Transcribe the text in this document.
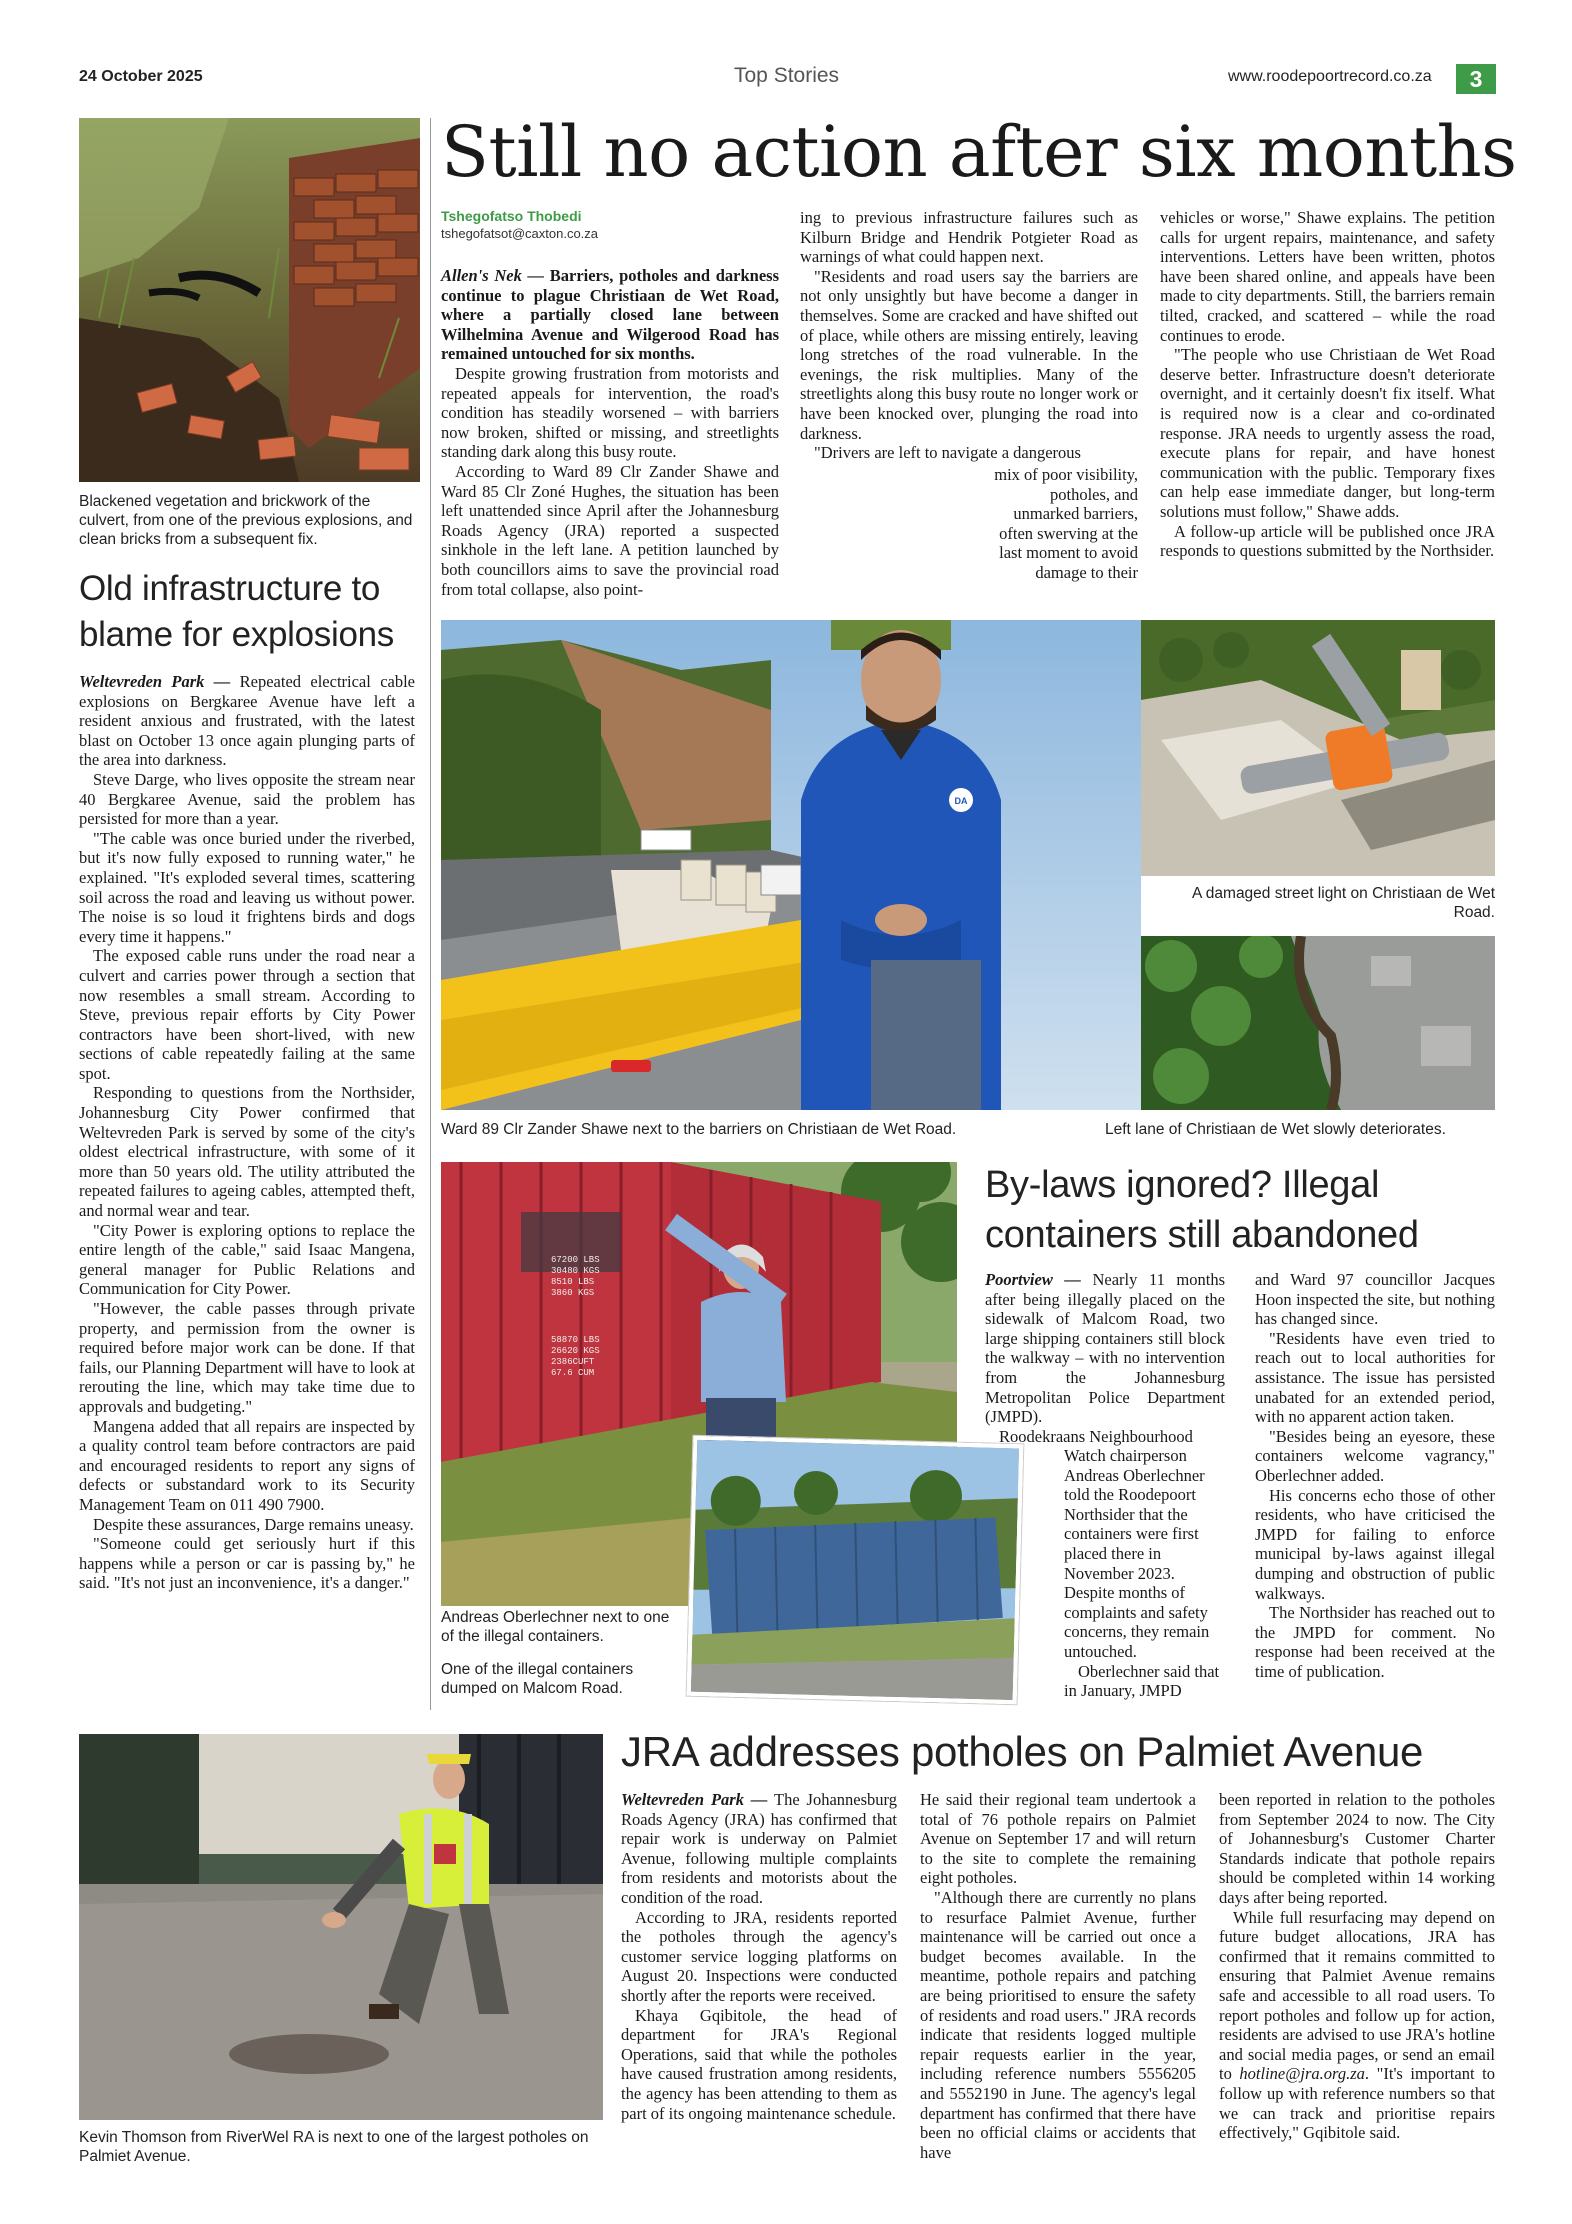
24 October 2025	Top Stories	www.roodepoortrecord.co.za	3
Blackened vegetation and brickwork of the culvert, from one of the previous explosions, and clean bricks from a subsequent fix.
Old infrastructure to blame for explosions

Weltevreden Park — Repeated electrical cable explosions on Bergkaree Avenue have left a resident anxious and frustrated, with the latest blast on October 13 once again plunging parts of the area into darkness.

Steve Darge, who lives opposite the stream near 40 Bergkaree Avenue, said the problem has persisted for more than a year.

"The cable was once buried under the riverbed, but it's now fully exposed to running water," he explained. "It's exploded several times, scattering soil across the road and leaving us without power. The noise is so loud it frightens birds and dogs every time it happens."

The exposed cable runs under the road near a culvert and carries power through a section that now resembles a small stream. According to Steve, previous repair efforts by City Power contractors have been short-lived, with new sections of cable repeatedly failing at the same spot.

Responding to questions from the Northsider, Johannesburg City Power confirmed that Weltevreden Park is served by some of the city's oldest electrical infrastructure, with some of it more than 50 years old. The utility attributed the repeated failures to ageing cables, attempted theft, and normal wear and tear.

"City Power is exploring options to replace the entire length of the cable," said Isaac Mangena, general manager for Public Relations and Communication for City Power.

"However, the cable passes through private property, and permission from the owner is required before major work can be done. If that fails, our Planning Department will have to look at rerouting the line, which may take time due to approvals and budgeting."

Mangena added that all repairs are inspected by a quality control team before contractors are paid and encouraged residents to report any signs of defects or substandard work to its Security Management Team on 011 490 7900.

Despite these assurances, Darge remains uneasy.

"Someone could get seriously hurt if this happens while a person or car is passing by," he said. "It's not just an inconvenience, it's a danger."

Still no action after six months
Tshegofatso Thobedi
tshegofatsot@caxton.co.za

Allen's Nek — Barriers, potholes and darkness continue to plague Christiaan de Wet Road, where a partially closed lane between Wilhelmina Avenue and Wilgerood Road has remained untouched for six months.

Despite growing frustration from motorists and repeated appeals for intervention, the road's condition has steadily worsened – with barriers now broken, shifted or missing, and streetlights standing dark along this busy route.

According to Ward 89 Clr Zander Shawe and Ward 85 Clr Zoné Hughes, the situation has been left unattended since April after the Johannesburg Roads Agency (JRA) reported a suspected sinkhole in the left lane. A petition launched by both councillors aims to save the provincial road from total collapse, also point-

ing to previous infrastructure failures such as Kilburn Bridge and Hendrik Potgieter Road as warnings of what could happen next.

"Residents and road users say the barriers are not only unsightly but have become a danger in themselves. Some are cracked and have shifted out of place, while others are missing entirely, leaving long stretches of the road vulnerable. In the evenings, the risk multiplies. Many of the streetlights along this busy route no longer work or have been knocked over, plunging the road into darkness.

"Drivers are left to navigate a dangerous

mix of poor visibility, potholes, and unmarked barriers, often swerving at the last moment to avoid damage to their

vehicles or worse," Shawe explains. The petition calls for urgent repairs, maintenance, and safety interventions. Letters have been written, photos have been shared online, and appeals have been made to city departments. Still, the barriers remain tilted, cracked, and scattered – while the road continues to erode.

"The people who use Christiaan de Wet Road deserve better. Infrastructure doesn't deteriorate overnight, and it certainly doesn't fix itself. What is required now is a clear and co-ordinated response. JRA needs to urgently assess the road, execute plans for repair, and have honest communication with the public. Temporary fixes can help ease immediate danger, but long-term solutions must follow," Shawe adds.

A follow-up article will be published once JRA responds to questions submitted by the Northsider.

DA
A damaged street light on Christiaan de Wet Road.
Ward 89 Clr Zander Shawe next to the barriers on Christiaan de Wet Road.	Left lane of Christiaan de Wet slowly deteriorates.
67200 LBS 30480 KGS 8510 LBS 3860 KGS
58870 LBS 26620 KGS 2386CUFT 67.6 CUM
Andreas Oberlechner next to one of the illegal containers.
One of the illegal containers dumped on Malcom Road.
By-laws ignored? Illegal containers still abandoned

Poortview — Nearly 11 months after being illegally placed on the sidewalk of Malcom Road, two large shipping containers still block the walkway – with no intervention from the Johannesburg Metropolitan Police Department (JMPD).

Roodekraans Neighbourhood

Watch chairperson Andreas Oberlechner told the Roodepoort Northsider that the containers were first placed there in November 2023. Despite months of complaints and safety concerns, they remain untouched.

Oberlechner said that in January, JMPD

and Ward 97 councillor Jacques Hoon inspected the site, but nothing has changed since.

"Residents have even tried to reach out to local authorities for assistance. The issue has persisted unabated for an extended period, with no apparent action taken.

"Besides being an eyesore, these containers welcome vagrancy," Oberlechner added.

His concerns echo those of other residents, who have criticised the JMPD for failing to enforce municipal by-laws against illegal dumping and obstruction of public walkways.

The Northsider has reached out to the JMPD for comment. No response had been received at the time of publication.

Kevin Thomson from RiverWel RA is next to one of the largest potholes on Palmiet Avenue.
JRA addresses potholes on Palmiet Avenue

Weltevreden Park — The Johannesburg Roads Agency (JRA) has confirmed that repair work is underway on Palmiet Avenue, following multiple complaints from residents and motorists about the condition of the road.

According to JRA, residents reported the potholes through the agency's customer service logging platforms on August 20. Inspections were conducted shortly after the reports were received.

Khaya Gqibitole, the head of department for JRA's Regional Operations, said that while the potholes have caused frustration among residents, the agency has been attending to them as part of its ongoing maintenance schedule.

He said their regional team undertook a total of 76 pothole repairs on Palmiet Avenue on September 17 and will return to the site to complete the remaining eight potholes.

"Although there are currently no plans to resurface Palmiet Avenue, further maintenance will be carried out once a budget becomes available. In the meantime, pothole repairs and patching are being prioritised to ensure the safety of residents and road users." JRA records indicate that residents logged multiple repair requests earlier in the year, including reference numbers 5556205 and 5552190 in June. The agency's legal department has confirmed that there have been no official claims or accidents that have

been reported in relation to the potholes from September 2024 to now. The City of Johannesburg's Customer Charter Standards indicate that pothole repairs should be completed within 14 working days after being reported.

While full resurfacing may depend on future budget allocations, JRA has confirmed that it remains committed to ensuring that Palmiet Avenue remains safe and accessible to all road users. To report potholes and follow up for action, residents are advised to use JRA's hotline and social media pages, or send an email to hotline@jra.org.za. "It's important to follow up with reference numbers so that we can track and prioritise repairs effectively," Gqibitole said.
